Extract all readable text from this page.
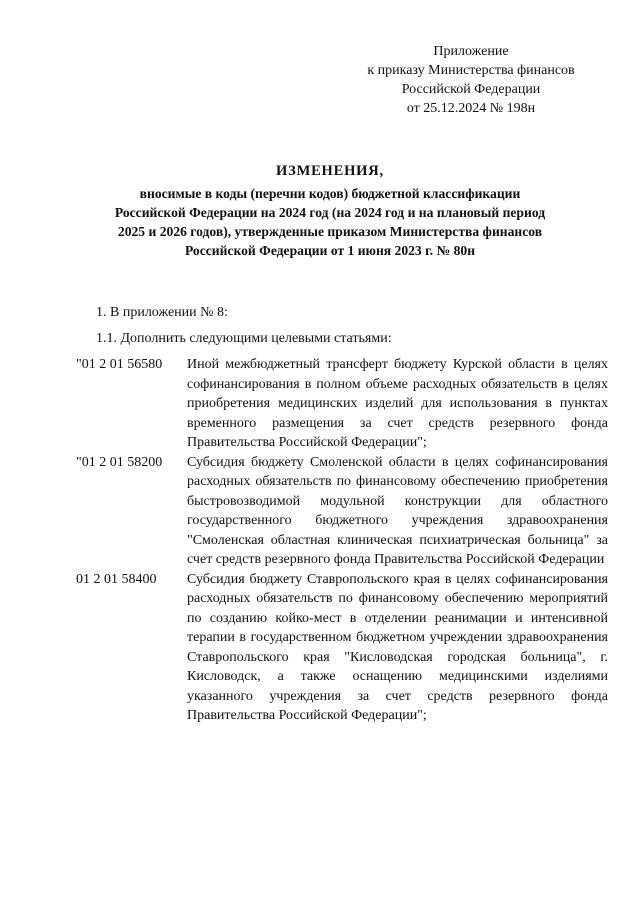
Приложение
к приказу Министерства финансов
Российской Федерации
от 25.12.2024 № 198н
ИЗМЕНЕНИЯ,
вносимые в коды (перечни кодов) бюджетной классификации
Российской Федерации на 2024 год (на 2024 год и на плановый период
2025 и 2026 годов), утвержденные приказом Министерства финансов
Российской Федерации от 1 июня 2023 г. № 80н
1. В приложении № 8:
1.1. Дополнить следующими целевыми статьями:
"01 2 01 56580	Иной межбюджетный трансферт бюджету Курской области в целях софинансирования в полном объеме расходных обязательств в целях приобретения медицинских изделий для использования в пунктах временного размещения за счет средств резервного фонда Правительства Российской Федерации";
"01 2 01 58200	Субсидия бюджету Смоленской области в целях софинансирования расходных обязательств по финансовому обеспечению приобретения быстровозводимой модульной конструкции для областного государственного бюджетного учреждения здравоохранения "Смоленская областная клиническая психиатрическая больница" за счет средств резервного фонда Правительства Российской Федерации
01 2 01 58400	Субсидия бюджету Ставропольского края в целях софинансирования расходных обязательств по финансовому обеспечению мероприятий по созданию койко-мест в отделении реанимации и интенсивной терапии в государственном бюджетном учреждении здравоохранения Ставропольского края "Кисловодская городская больница", г. Кисловодск, а также оснащению медицинскими изделиями указанного учреждения за счет средств резервного фонда Правительства Российской Федерации";
